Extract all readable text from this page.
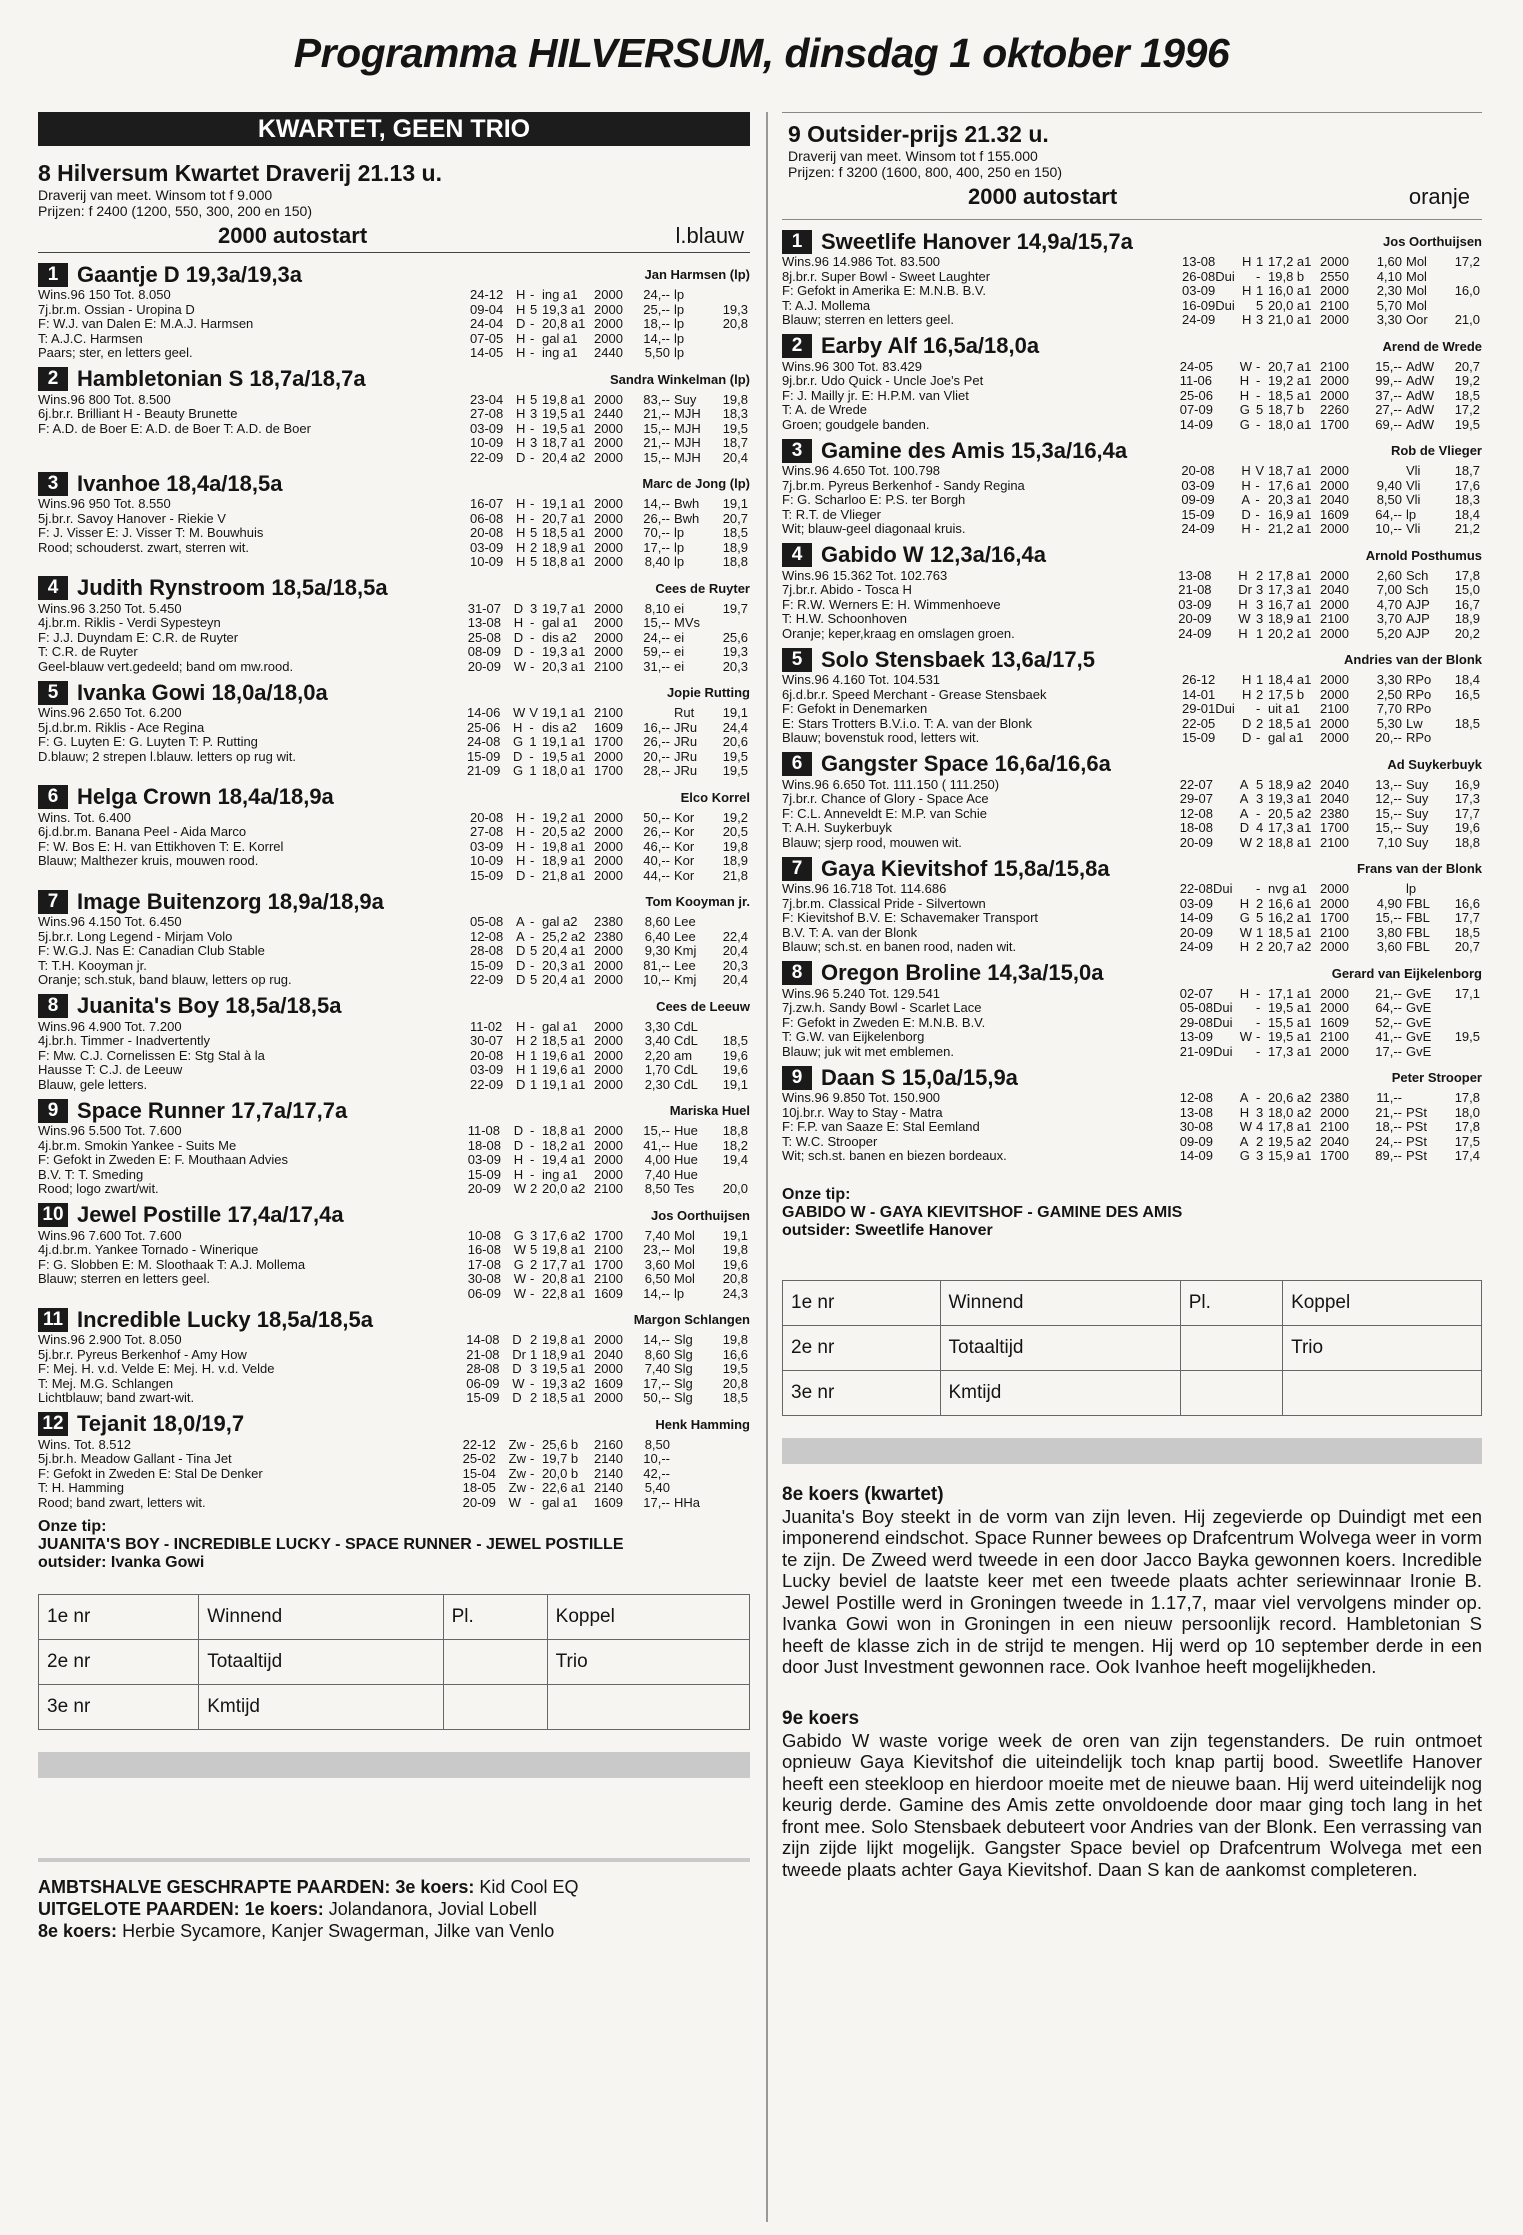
Programma HILVERSUM, dinsdag 1 oktober 1996
KWARTET, GEEN TRIO
8 Hilversum Kwartet Draverij 21.13 u.
Draverij van meet. Winsom tot f 9.000
Prijzen: f 2400 (1200, 550, 300, 200 en 150)
2000 autostart	l.blauw
1 Gaantje D 19,3a/19,3a	Jan Harmsen (lp)
Wins.96 150 Tot. 8.050
7j.br.m. Ossian - Uropina D
F: W.J. van Dalen E: M.A.J. Harmsen
T: A.J.C. Harmsen
Paars; ster, en letters geel.
24-12	H	-	ing a1	2000	24,--	lp	
09-04	H	5	19,3 a1	2000	25,--	lp	19,3
24-04	D	-	20,8 a1	2000	18,--	lp	20,8
07-05	H	-	gal a1	2000	14,--	lp	
14-05	H	-	ing a1	2440	5,50	lp	
2 Hambletonian S 18,7a/18,7a	Sandra Winkelman (lp)
Wins.96 800 Tot. 8.500
6j.br.r. Brilliant H - Beauty Brunette
F: A.D. de Boer E: A.D. de Boer T: A.D. de Boer
23-04	H	5	19,8 a1	2000	83,--	Suy	19,8
27-08	H	3	19,5 a1	2440	21,--	MJH	18,3
03-09	H	-	19,5 a1	2000	15,--	MJH	19,5
10-09	H	3	18,7 a1	2000	21,--	MJH	18,7
22-09	D	-	20,4 a2	2000	15,--	MJH	20,4
3 Ivanhoe 18,4a/18,5a	Marc de Jong (lp)
Wins.96 950 Tot. 8.550
5j.br.r. Savoy Hanover - Riekie V
F: J. Visser E: J. Visser T: M. Bouwhuis
Rood; schouderst. zwart, sterren wit.
16-07	H	-	19,1 a1	2000	14,--	Bwh	19,1
06-08	H	-	20,7 a1	2000	26,--	Bwh	20,7
20-08	H	5	18,5 a1	2000	70,--	lp	18,5
03-09	H	2	18,9 a1	2000	17,--	lp	18,9
10-09	H	5	18,8 a1	2000	8,40	lp	18,8
4 Judith Rynstroom 18,5a/18,5a	Cees de Ruyter
Wins.96 3.250 Tot. 5.450
4j.br.m. Riklis - Verdi Sypesteyn
F: J.J. Duyndam E: C.R. de Ruyter
T: C.R. de Ruyter
Geel-blauw vert.gedeeld; band om mw.rood.
31-07	D	3	19,7 a1	2000	8,10	ei	19,7
13-08	H	-	gal a1	2000	15,--	MVs	
25-08	D	-	dis a2	2000	24,--	ei	25,6
08-09	D	-	19,3 a1	2000	59,--	ei	19,3
20-09	W	-	20,3 a1	2100	31,--	ei	20,3
5 Ivanka Gowi 18,0a/18,0a	Jopie Rutting
Wins.96 2.650 Tot. 6.200
5j.d.br.m. Riklis - Ace Regina
F: G. Luyten E: G. Luyten T: P. Rutting
D.blauw; 2 strepen l.blauw. letters op rug wit.
14-06	W	V	19,1 a1	2100		Rut	19,1
25-06	H	-	dis a2	1609	16,--	JRu	24,4
24-08	G	1	19,1 a1	1700	26,--	JRu	20,6
15-09	D	-	19,5 a1	2000	20,--	JRu	19,5
21-09	G	1	18,0 a1	1700	28,--	JRu	19,5
6 Helga Crown 18,4a/18,9a	Elco Korrel
Wins. Tot. 6.400
6j.d.br.m. Banana Peel - Aida Marco
F: W. Bos E: H. van Ettikhoven T: E. Korrel
Blauw; Malthezer kruis, mouwen rood.
20-08	H	-	19,2 a1	2000	50,--	Kor	19,2
27-08	H	-	20,5 a2	2000	26,--	Kor	20,5
03-09	H	-	19,8 a1	2000	46,--	Kor	19,8
10-09	H	-	18,9 a1	2000	40,--	Kor	18,9
15-09	D	-	21,8 a1	2000	44,--	Kor	21,8
7 Image Buitenzorg 18,9a/18,9a	Tom Kooyman jr.
Wins.96 4.150 Tot. 6.450
5j.br.r. Long Legend - Mirjam Volo
F: W.G.J. Nas E: Canadian Club Stable
T: T.H. Kooyman jr.
Oranje; sch.stuk, band blauw, letters op rug.
05-08	A	-	gal a2	2380	8,60	Lee	
12-08	A	-	25,2 a2	2380	6,40	Lee	22,4
28-08	D	5	20,4 a1	2000	9,30	Kmj	20,4
15-09	D	-	20,3 a1	2000	81,--	Lee	20,3
22-09	D	5	20,4 a1	2000	10,--	Kmj	20,4
8 Juanita's Boy 18,5a/18,5a	Cees de Leeuw
Wins.96 4.900 Tot. 7.200
4j.br.h. Timmer - Inadvertently
F: Mw. C.J. Cornelissen E: Stg Stal à la
Hausse T: C.J. de Leeuw
Blauw, gele letters.
11-02	H	-	gal a1	2000	3,30	CdL	
30-07	H	2	18,5 a1	2000	3,40	CdL	18,5
20-08	H	1	19,6 a1	2000	2,20	am	19,6
03-09	H	1	19,6 a1	2000	1,70	CdL	19,6
22-09	D	1	19,1 a1	2000	2,30	CdL	19,1
9 Space Runner 17,7a/17,7a	Mariska Huel
Wins.96 5.500 Tot. 7.600
4j.br.m. Smokin Yankee - Suits Me
F: Gefokt in Zweden E: F. Mouthaan Advies
B.V. T: T. Smeding
Rood; logo zwart/wit.
11-08	D	-	18,8 a1	2000	15,--	Hue	18,8
18-08	D	-	18,2 a1	2000	41,--	Hue	18,2
03-09	H	-	19,4 a1	2000	4,00	Hue	19,4
15-09	H	-	ing a1	2000	7,40	Hue	
20-09	W	2	20,0 a2	2100	8,50	Tes	20,0
10 Jewel Postille 17,4a/17,4a	Jos Oorthuijsen
Wins.96 7.600 Tot. 7.600
4j.d.br.m. Yankee Tornado - Winerique
F: G. Slobben E: M. Sloothaak T: A.J. Mollema
Blauw; sterren en letters geel.
10-08	G	3	17,6 a2	1700	7,40	Mol	19,1
16-08	W	5	19,8 a1	2100	23,--	Mol	19,8
17-08	G	2	17,7 a1	1700	3,60	Mol	19,6
30-08	W	-	20,8 a1	2100	6,50	Mol	20,8
06-09	W	-	22,8 a1	1609	14,--	lp	24,3
11 Incredible Lucky 18,5a/18,5a	Margon Schlangen
Wins.96 2.900 Tot. 8.050
5j.br.r. Pyreus Berkenhof - Amy How
F: Mej. H. v.d. Velde E: Mej. H. v.d. Velde
T: Mej. M.G. Schlangen
Lichtblauw; band zwart-wit.
14-08	D	2	19,8 a1	2000	14,--	Slg	19,8
21-08	Dr	1	18,9 a1	2040	8,60	Slg	16,6
28-08	D	3	19,5 a1	2000	7,40	Slg	19,5
06-09	W	-	19,3 a2	1609	17,--	Slg	20,8
15-09	D	2	18,5 a1	2000	50,--	Slg	18,5
12 Tejanit 18,0/19,7	Henk Hamming
Wins. Tot. 8.512
5j.br.h. Meadow Gallant - Tina Jet
F: Gefokt in Zweden E: Stal De Denker
T: H. Hamming
Rood; band zwart, letters wit.
22-12	Zw	-	25,6 b	2160	8,50		
25-02	Zw	-	19,7 b	2140	10,--		
15-04	Zw	-	20,0 b	2140	42,--		
18-05	Zw	-	22,6 a1	2140	5,40		
20-09	W	-	gal a1	1609	17,--	HHa	
Onze tip:
JUANITA'S BOY - INCREDIBLE LUCKY - SPACE RUNNER - JEWEL POSTILLE
outsider: Ivanka Gowi
1e nr	Winnend	Pl.	Koppel
2e nr	Totaaltijd		Trio
3e nr	Kmtijd		
AMBTSHALVE GESCHRAPTE PAARDEN: 3e koers: Kid Cool EQ
UITGELOTE PAARDEN: 1e koers: Jolandanora, Jovial Lobell
8e koers: Herbie Sycamore, Kanjer Swagerman, Jilke van Venlo
9 Outsider-prijs 21.32 u.
Draverij van meet. Winsom tot f 155.000
Prijzen: f 3200 (1600, 800, 400, 250 en 150)
2000 autostart	oranje
1 Sweetlife Hanover 14,9a/15,7a	Jos Oorthuijsen
Wins.96 14.986 Tot. 83.500
8j.br.r. Super Bowl - Sweet Laughter
F: Gefokt in Amerika E: M.N.B. B.V.
T: A.J. Mollema
Blauw; sterren en letters geel.
13-08	H	1	17,2 a1	2000	1,60	Mol	17,2
26-08Dui		-	19,8 b	2550	4,10	Mol	
03-09	H	1	16,0 a1	2000	2,30	Mol	16,0
16-09Dui		5	20,0 a1	2100	5,70	Mol	
24-09	H	3	21,0 a1	2000	3,30	Oor	21,0
2 Earby Alf 16,5a/18,0a	Arend de Wrede
Wins.96 300 Tot. 83.429
9j.br.r. Udo Quick - Uncle Joe's Pet
F: J. Mailly jr. E: H.P.M. van Vliet
T: A. de Wrede
Groen; goudgele banden.
24-05	W	-	20,7 a1	2100	15,--	AdW	20,7
11-06	H	-	19,2 a1	2000	99,--	AdW	19,2
25-06	H	-	18,5 a1	2000	37,--	AdW	18,5
07-09	G	5	18,7 b	2260	27,--	AdW	17,2
14-09	G	-	18,0 a1	1700	69,--	AdW	19,5
3 Gamine des Amis 15,3a/16,4a	Rob de Vlieger
Wins.96 4.650 Tot. 100.798
7j.br.m. Pyreus Berkenhof - Sandy Regina
F: G. Scharloo E: P.S. ter Borgh
T: R.T. de Vlieger
Wit; blauw-geel diagonaal kruis.
20-08	H	V	18,7 a1	2000		Vli	18,7
03-09	H	-	17,6 a1	2000	9,40	Vli	17,6
09-09	A	-	20,3 a1	2040	8,50	Vli	18,3
15-09	D	-	16,9 a1	1609	64,--	lp	18,4
24-09	H	-	21,2 a1	2000	10,--	Vli	21,2
4 Gabido W 12,3a/16,4a	Arnold Posthumus
Wins.96 15.362 Tot. 102.763
7j.br.r. Abido - Tosca H
F: R.W. Werners E: H. Wimmenhoeve
T: H.W. Schoonhoven
Oranje; keper,kraag en omslagen groen.
13-08	H	2	17,8 a1	2000	2,60	Sch	17,8
21-08	Dr	3	17,3 a1	2040	7,00	Sch	15,0
03-09	H	3	16,7 a1	2000	4,70	AJP	16,7
20-09	W	3	18,9 a1	2100	3,70	AJP	18,9
24-09	H	1	20,2 a1	2000	5,20	AJP	20,2
5 Solo Stensbaek 13,6a/17,5	Andries van der Blonk
Wins.96 4.160 Tot. 104.531
6j.d.br.r. Speed Merchant - Grease Stensbaek
F: Gefokt in Denemarken
E: Stars Trotters B.V.i.o. T: A. van der Blonk
Blauw; bovenstuk rood, letters wit.
26-12	H	1	18,4 a1	2000	3,30	RPo	18,4
14-01	H	2	17,5 b	2000	2,50	RPo	16,5
29-01Dui		-	uit a1	2100	7,70	RPo	
22-05	D	2	18,5 a1	2000	5,30	Lw	18,5
15-09	D	-	gal a1	2000	20,--	RPo	
6 Gangster Space 16,6a/16,6a	Ad Suykerbuyk
Wins.96 6.650 Tot. 111.150 ( 111.250)
7j.br.r. Chance of Glory - Space Ace
F: C.L. Anneveldt E: M.P. van Schie
T: A.H. Suykerbuyk
Blauw; sjerp rood, mouwen wit.
22-07	A	5	18,9 a2	2040	13,--	Suy	16,9
29-07	A	3	19,3 a1	2040	12,--	Suy	17,3
12-08	A	-	20,5 a2	2380	15,--	Suy	17,7
18-08	D	4	17,3 a1	1700	15,--	Suy	19,6
20-09	W	2	18,8 a1	2100	7,10	Suy	18,8
7 Gaya Kievitshof 15,8a/15,8a	Frans van der Blonk
Wins.96 16.718 Tot. 114.686
7j.br.m. Classical Pride - Silvertown
F: Kievitshof B.V. E: Schavemaker Transport
B.V. T: A. van der Blonk
Blauw; sch.st. en banen rood, naden wit.
22-08Dui		-	nvg a1	2000		lp	
03-09	H	2	16,6 a1	2000	4,90	FBL	16,6
14-09	G	5	16,2 a1	1700	15,--	FBL	17,7
20-09	W	1	18,5 a1	2100	3,80	FBL	18,5
24-09	H	2	20,7 a2	2000	3,60	FBL	20,7
8 Oregon Broline 14,3a/15,0a	Gerard van Eijkelenborg
Wins.96 5.240 Tot. 129.541
7j.zw.h. Sandy Bowl - Scarlet Lace
F: Gefokt in Zweden E: M.N.B. B.V.
T: G.W. van Eijkelenborg
Blauw; juk wit met emblemen.
02-07	H	-	17,1 a1	2000	21,--	GvE	17,1
05-08Dui		-	19,5 a1	2000	64,--	GvE	
29-08Dui		-	15,5 a1	1609	52,--	GvE	
13-09	W	-	19,5 a1	2100	41,--	GvE	19,5
21-09Dui		-	17,3 a1	2000	17,--	GvE	
9 Daan S 15,0a/15,9a	Peter Strooper
Wins.96 9.850 Tot. 150.900
10j.br.r. Way to Stay - Matra
F: F.P. van Saaze E: Stal Eemland
T: W.C. Strooper
Wit; sch.st. banen en biezen bordeaux.
12-08	A	-	20,6 a2	2380	11,--		17,8
13-08	H	3	18,0 a2	2000	21,--	PSt	18,0
30-08	W	4	17,8 a1	2100	18,--	PSt	17,8
09-09	A	2	19,5 a2	2040	24,--	PSt	17,5
14-09	G	3	15,9 a1	1700	89,--	PSt	17,4
Onze tip:
GABIDO W - GAYA KIEVITSHOF - GAMINE DES AMIS
outsider: Sweetlife Hanover
1e nr	Winnend	Pl.	Koppel
2e nr	Totaaltijd		Trio
3e nr	Kmtijd		
8e koers (kwartet)
Juanita's Boy steekt in de vorm van zijn leven. Hij zegevierde op Duindigt met een imponerend eindschot. Space Runner bewees op Drafcentrum Wolvega weer in vorm te zijn. De Zweed werd tweede in een door Jacco Bayka gewonnen koers. Incredible Lucky beviel de laatste keer met een tweede plaats achter seriewinnaar Ironie B. Jewel Postille werd in Groningen tweede in 1.17,7, maar viel vervolgens minder op. Ivanka Gowi won in Groningen in een nieuw persoonlijk record. Hambletonian S heeft de klasse zich in de strijd te mengen. Hij werd op 10 september derde in een door Just Investment gewonnen race. Ook Ivanhoe heeft mogelijkheden.
9e koers
Gabido W waste vorige week de oren van zijn tegenstanders. De ruin ontmoet opnieuw Gaya Kievitshof die uiteindelijk toch knap partij bood. Sweetlife Hanover heeft een steekloop en hierdoor moeite met de nieuwe baan. Hij werd uiteindelijk nog keurig derde. Gamine des Amis zette onvoldoende door maar ging toch lang in het front mee. Solo Stensbaek debuteert voor Andries van der Blonk. Een verrassing van zijn zijde lijkt mogelijk. Gangster Space beviel op Drafcentrum Wolvega met een tweede plaats achter Gaya Kievitshof. Daan S kan de aankomst completeren.
